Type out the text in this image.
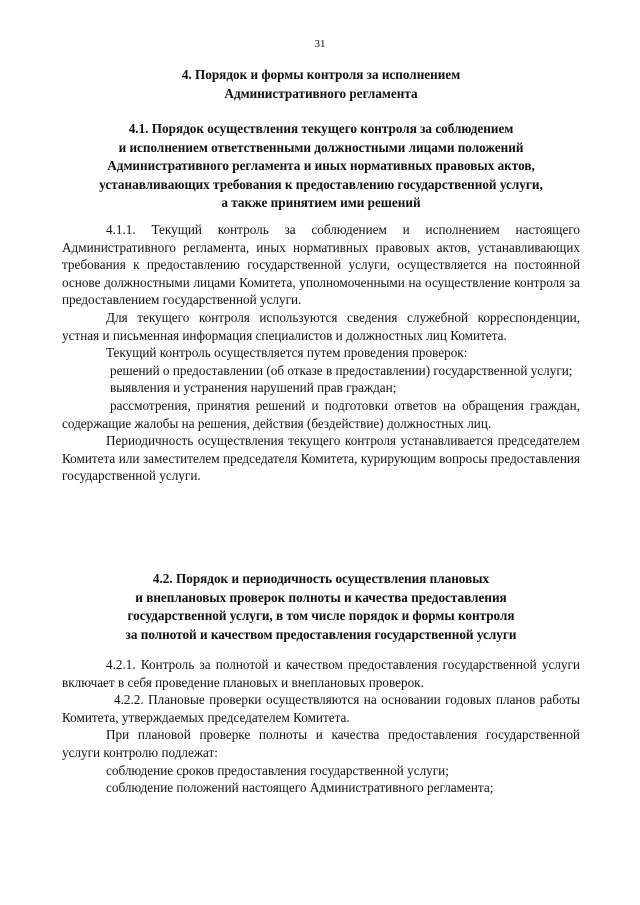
31
4. Порядок и формы контроля за исполнением
Административного регламента
4.1. Порядок осуществления текущего контроля за соблюдением
и исполнением ответственными должностными лицами положений
Административного регламента и иных нормативных правовых актов,
устанавливающих требования к предоставлению государственной услуги,
а также принятием ими решений

4.1.1. Текущий контроль за соблюдением и исполнением настоящего Административного регламента, иных нормативных правовых актов, устанавливающих требования к предоставлению государственной услуги, осуществляется на постоянной основе должностными лицами Комитета, уполномоченными на осуществление контроля за предоставлением государственной услуги.

Для текущего контроля используются сведения служебной корреспонденции, устная и письменная информация специалистов и должностных лиц Комитета.

Текущий контроль осуществляется путем проведения проверок:

решений о предоставлении (об отказе в предоставлении) государственной услуги;

выявления и устранения нарушений прав граждан;

рассмотрения, принятия решений и подготовки ответов на обращения граждан, содержащие жалобы на решения, действия (бездействие) должностных лиц.

Периодичность осуществления текущего контроля устанавливается председателем Комитета или заместителем председателя Комитета, курирующим вопросы предоставления государственной услуги.

4.2. Порядок и периодичность осуществления плановых
и внеплановых проверок полноты и качества предоставления
государственной услуги, в том числе порядок и формы контроля
за полнотой и качеством предоставления государственной услуги

4.2.1. Контроль за полнотой и качеством предоставления государственной услуги включает в себя проведение плановых и внеплановых проверок.

4.2.2. Плановые проверки осуществляются на основании годовых планов работы Комитета, утверждаемых председателем Комитета.

При плановой проверке полноты и качества предоставления государственной услуги контролю подлежат:

соблюдение сроков предоставления государственной услуги;

соблюдение положений настоящего Административного регламента;
